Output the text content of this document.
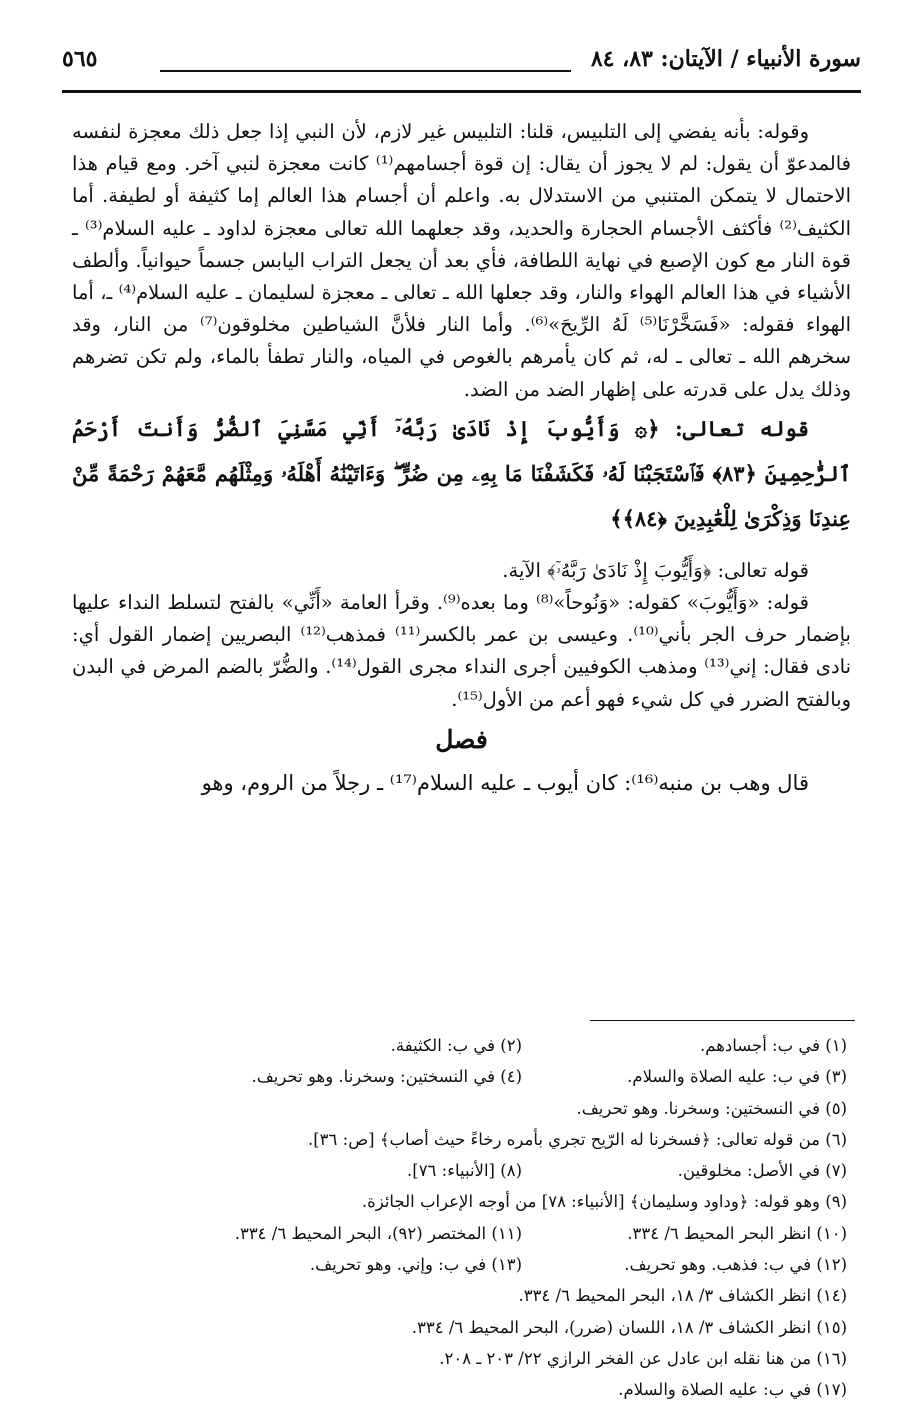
سورة الأنبياء / الآيتان: ٨٣، ٨٤
٥٦٥

وقوله: بأنه يفضي إلى التلبيس، قلنا: التلبيس غير لازم، لأن النبي إذا جعل ذلك معجزة لنفسه فالمدعوّ أن يقول: لم لا يجوز أن يقال: إن قوة أجسامهم⁽¹⁾ كانت معجزة لنبي آخر. ومع قيام هذا الاحتمال لا يتمكن المتنبي من الاستدلال به. واعلم أن أجسام هذا العالم إما كثيفة أو لطيفة. أما الكثيف⁽²⁾ فأكثف الأجسام الحجارة والحديد، وقد جعلهما الله تعالى معجزة لداود ـ عليه السلام⁽³⁾ ـ قوة النار مع كون الإصبع في نهاية اللطافة، فأي بعد أن يجعل التراب اليابس جسماً حيوانياً. وألطف الأشياء في هذا العالم الهواء والنار، وقد جعلها الله ـ تعالى ـ معجزة لسليمان ـ عليه السلام⁽⁴⁾ ـ، أما الهواء فقوله: «فَسَخَّرْنَا⁽⁵⁾ لَهُ الرِّيحَ»⁽⁶⁾. وأما النار فلأنَّ الشياطين مخلوقون⁽⁷⁾ من النار، وقد سخرهم الله ـ تعالى ـ له، ثم كان يأمرهم بالغوص في المياه، والنار تطفأ بالماء، ولم تكن تضرهم وذلك يدل على قدرته على إظهار الضد من الضد.

قوله تعالى: ﴿۞ وَأَيُّوبَ إِذْ نَادَىٰ رَبَّهُۥٓ أَنِّي مَسَّنِيَ ٱلضُّرُّ وَأَنتَ أَرْحَمُ ٱلرَّٰحِمِينَ ﴿٨٣﴾ فَٱسْتَجَبْنَا لَهُۥ فَكَشَفْنَا مَا بِهِۦ مِن ضُرٍّ ۖ وَءَاتَيْنَٰهُ أَهْلَهُۥ وَمِثْلَهُم مَّعَهُمْ رَحْمَةً مِّنْ عِندِنَا وَذِكْرَىٰ لِلْعَٰبِدِينَ ﴿٨٤﴾﴾

قوله تعالى: ﴿وَأَيُّوبَ إِذْ نَادَىٰ رَبَّهُۥٓ﴾ الآية.

قوله: «وَأَيُّوبَ» كقوله: «وَنُوحاً»⁽⁸⁾ وما بعده⁽⁹⁾. وقرأ العامة «أَنِّي» بالفتح لتسلط النداء عليها بإضمار حرف الجر بأني⁽¹⁰⁾. وعيسى بن عمر بالكسر⁽¹¹⁾ فمذهب⁽¹²⁾ البصريين إضمار القول أي: نادى فقال: إني⁽¹³⁾ ومذهب الكوفيين أجرى النداء مجرى القول⁽¹⁴⁾. والضُّرّ بالضم المرض في البدن وبالفتح الضرر في كل شيء فهو أعم من الأول⁽¹⁵⁾.

فصل

قال وهب بن منبه⁽¹⁶⁾: كان أيوب ـ عليه السلام⁽¹⁷⁾ ـ رجلاً من الروم، وهو

(١) في ب: أجسادهم.
(٢) في ب: الكثيفة.
(٣) في ب: عليه الصلاة والسلام.
(٤) في النسختين: وسخرنا. وهو تحريف.
(٥) في النسختين: وسخرنا. وهو تحريف.
(٦) من قوله تعالى: ﴿فسخرنا له الرّيح تجري بأمره رخاءً حيث أصاب﴾ [ص: ٣٦].
(٧) في الأصل: مخلوقين.
(٨) [الأنبياء: ٧٦].
(٩) وهو قوله: ﴿وداود وسليمان﴾ [الأنبياء: ٧٨] من أوجه الإعراب الجائزة.
(١٠) انظر البحر المحيط ٦/ ٣٣٤.
(١١) المختصر (٩٢)، البحر المحيط ٦/ ٣٣٤.
(١٢) في ب: فذهب. وهو تحريف.
(١٣) في ب: وإني. وهو تحريف.
(١٤) انظر الكشاف ٣/ ١٨، البحر المحيط ٦/ ٣٣٤.
(١٥) انظر الكشاف ٣/ ١٨، اللسان (ضرر)، البحر المحيط ٦/ ٣٣٤.
(١٦) من هنا نقله ابن عادل عن الفخر الرازي ٢٢/ ٢٠٣ ـ ٢٠٨.
(١٧) في ب: عليه الصلاة والسلام.
